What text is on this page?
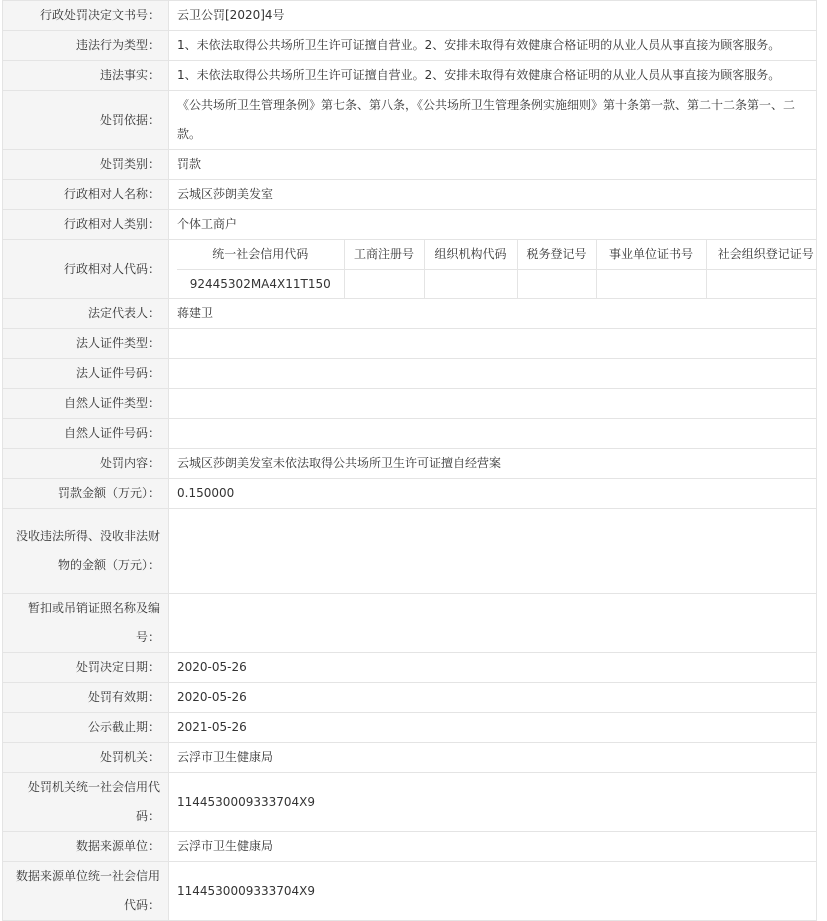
行政处罚决定文书号：	云卫公罚[2020]4号
违法行为类型：	1、未依法取得公共场所卫生许可证擅自营业。2、安排未取得有效健康合格证明的从业人员从事直接为顾客服务。
违法事实：	1、未依法取得公共场所卫生许可证擅自营业。2、安排未取得有效健康合格证明的从业人员从事直接为顾客服务。
处罚依据：	《公共场所卫生管理条例》第七条、第八条，《公共场所卫生管理条例实施细则》第十条第一款、第二十二条第一、二款。
处罚类别：	罚款
行政相对人名称：	云城区莎朗美发室
行政相对人类别：	个体工商户
行政相对人代码：	
统一社会信用代码	工商注册号	组织机构代码	税务登记号	事业单位证书号	社会组织登记证号
92445302MA4X11T150					

法定代表人：	蒋建卫
法人证件类型：	
法人证件号码：	
自然人证件类型：	
自然人证件号码：	
处罚内容：	云城区莎朗美发室未依法取得公共场所卫生许可证擅自经营案
罚款金额（万元）：	0.150000
没收违法所得、没收非法财物的金额（万元）：	
暂扣或吊销证照名称及编号：	
处罚决定日期：	2020-05-26
处罚有效期：	2020-05-26
公示截止期：	2021-05-26
处罚机关：	云浮市卫生健康局
处罚机关统一社会信用代码：	1144530009333704X9
数据来源单位：	云浮市卫生健康局
数据来源单位统一社会信用代码：	1144530009333704X9
